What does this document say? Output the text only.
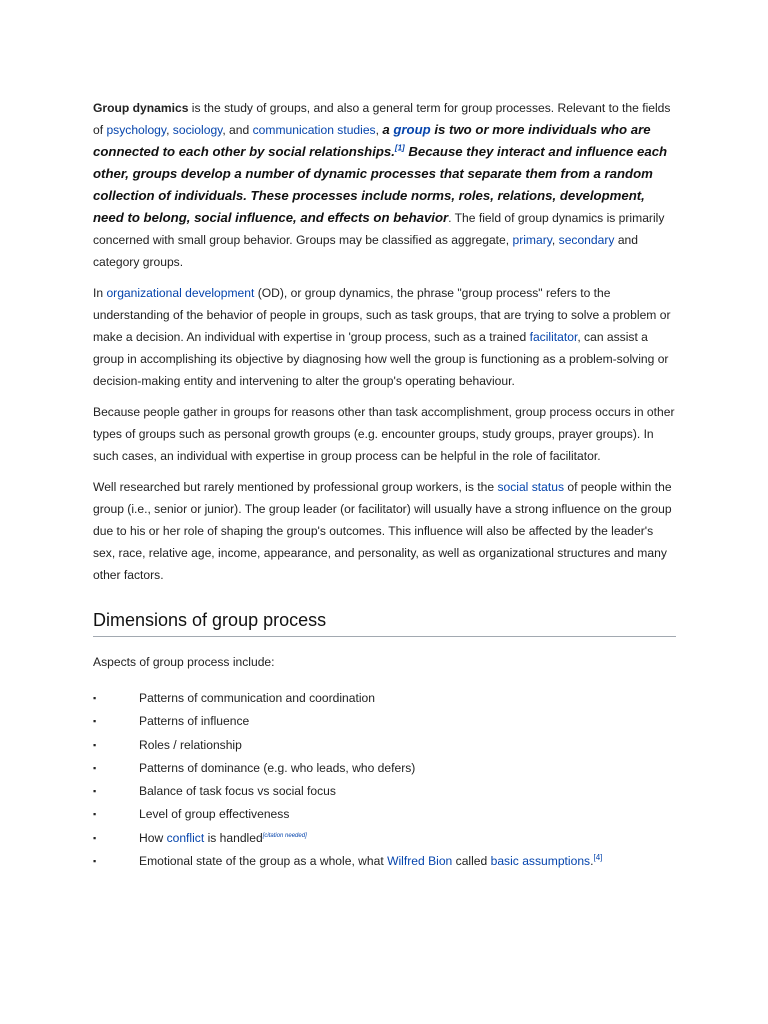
Group dynamics is the study of groups, and also a general term for group processes. Relevant to the fields of psychology, sociology, and communication studies, a group is two or more individuals who are connected to each other by social relationships.[1] Because they interact and influence each other, groups develop a number of dynamic processes that separate them from a random collection of individuals. These processes include norms, roles, relations, development, need to belong, social influence, and effects on behavior. The field of group dynamics is primarily concerned with small group behavior. Groups may be classified as aggregate, primary, secondary and category groups.

In organizational development (OD), or group dynamics, the phrase "group process" refers to the understanding of the behavior of people in groups, such as task groups, that are trying to solve a problem or make a decision. An individual with expertise in 'group process, such as a trained facilitator, can assist a group in accomplishing its objective by diagnosing how well the group is functioning as a problem-solving or decision-making entity and intervening to alter the group's operating behaviour.

Because people gather in groups for reasons other than task accomplishment, group process occurs in other types of groups such as personal growth groups (e.g. encounter groups, study groups, prayer groups). In such cases, an individual with expertise in group process can be helpful in the role of facilitator.

Well researched but rarely mentioned by professional group workers, is the social status of people within the group (i.e., senior or junior). The group leader (or facilitator) will usually have a strong influence on the group due to his or her role of shaping the group's outcomes. This influence will also be affected by the leader's sex, race, relative age, income, appearance, and personality, as well as organizational structures and many other factors.

Dimensions of group process

Aspects of group process include:

▪	Patterns of communication and coordination
▪	Patterns of influence
▪	Roles / relationship
▪	Patterns of dominance (e.g. who leads, who defers)
▪	Balance of task focus vs social focus
▪	Level of group effectiveness
▪	How conflict is handled[citation needed]
▪	Emotional state of the group as a whole, what Wilfred Bion called basic assumptions.[4]
